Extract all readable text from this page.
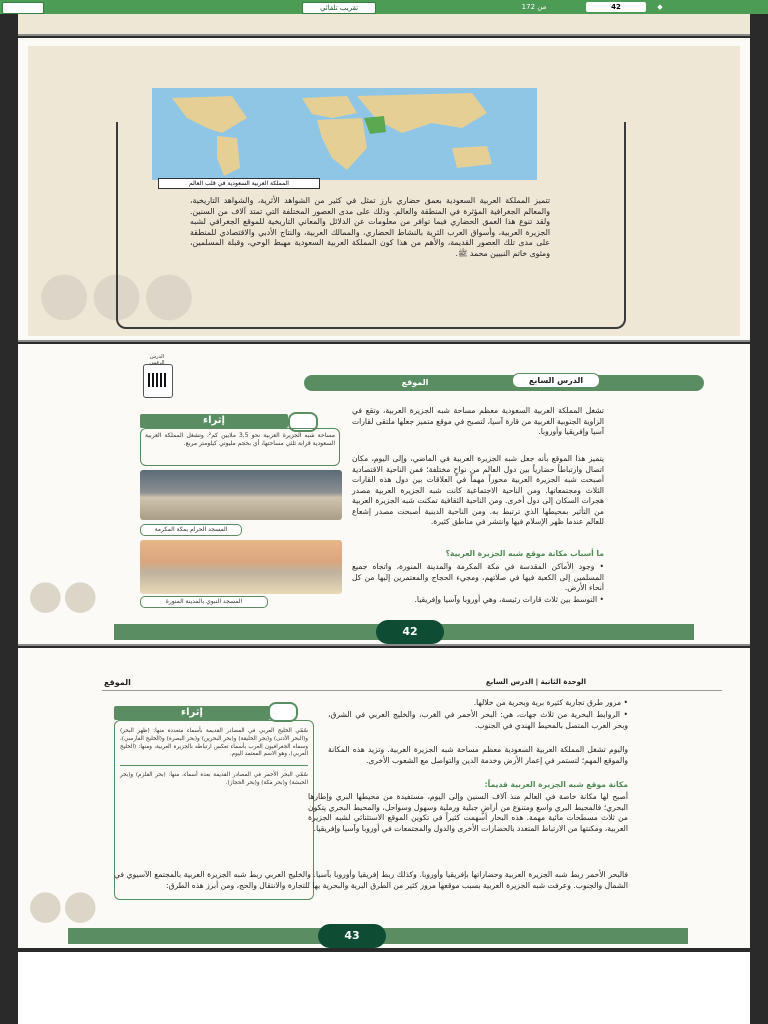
تقريب تلقائي	من 172	42	◆
●●●
المملكة العربية السعودية في قلب العالم
تتميز المملكة العربية السعودية بعمق حضاري بارز تمثل في كثير من الشواهد الأثرية، والشواهد التاريخية، والمعالم الجغرافية المؤثرة في المنطقة والعالم. وذلك على مدى العصور المختلفة التي تمتد آلاف من السنين. ولقد تنوع هذا العمق الحضاري فيما توافر من معلومات عن الدلائل والمعاني التاريخية للموقع الجغرافي لشبه الجزيرة العربية، وأسواق العرب الثرية بالنشاط الحضاري، والممالك العربية، والنتاج الأدبي والاقتصادي للمنطقة على مدى تلك العصور القديمة، والأهم من هذا كون المملكة العربية السعودية مهبط الوحي، وقبلة المسلمين، ومثوى خاتم النبيين محمد ﷺ.
الدرس الرقمي
الموقع	الدرس السابع
إثراء
مساحة شبه الجزيرة العربية نحو 3,5 ملايين كم²، وتشغل المملكة العربية السعودية قرابة ثلثي مساحتها، أي بحجم مليوني كيلومتر مربع.
المسجد الحرام بمكة المكرمة
المسجد النبوي بالمدينة المنورة
تشغل المملكة العربية السعودية معظم مساحة شبه الجزيرة العربية، وتقع في الزاوية الجنوبية الغربية من قارة آسيا، لتصبح في موقع متميز جعلها ملتقى لقارات آسيا وإفريقيا وأوروبا.
يتميز هذا الموقع بأنه جعل شبه الجزيرة العربية في الماضي، وإلى اليوم، مكان اتصال وارتباطاً حضارياً بين دول العالم من نواحٍ مختلفة؛ فمن الناحية الاقتصادية أصبحت شبه الجزيرة العربية محوراً مهماً في العلاقات بين دول هذه القارات الثلاث ومجتمعاتها. ومن الناحية الاجتماعية كانت شبه الجزيرة العربية مصدر هجرات السكان إلى دول أخرى. ومن الناحية الثقافية تمكنت شبه الجزيرة العربية من التأثير بمحيطها الذي ترتبط به. ومن الناحية الدينية أصبحت مصدر إشعاع للعالم عندما ظهر الإسلام فيها وانتشر في مناطق كثيرة.
ما أسباب مكانة موقع شبه الجزيرة العربية؟
• وجود الأماكن المقدسة في مكة المكرمة والمدينة المنورة، واتجاه جميع المسلمين إلى الكعبة فيها في صلاتهم، ومجيء الحجاج والمعتمرين إليها من كل أنحاء الأرض.
• التوسط بين ثلاث قارات رئيسة، وهي أوروبا وآسيا وإفريقيا.
●●
42
الموقع	الوحدة الثانية | الدرس السابع
إثراء
سُمّي الخليج العربي في المصادر القديمة بأسماء متعددة منها: (ظهر البحر) و(البحر الأدنى) و(بحر الخليقة) و(بحر البحرين) و(بحر البصرة) و(الخليج الفارسي)، وسماه الجغرافيون العرب بأسماء تعكس ارتباطه بالجزيرة العربية، ومنها: (الخليج العربي)، وهو الاسم المعتمد اليوم.
سُمّي البحر الأحمر في المصادر القديمة بعدة أسماء، منها: (بحر القلزم) و(بحر الحبشة) و(بحر مكة) و(بحر الحجاز).
• مرور طرق تجارية كثيرة برية وبحرية من خلالها.
• الروابط البحرية من ثلاث جهات، هي: البحر الأحمر في الغرب، والخليج العربي في الشرق، وبحر العرب المتصل بالمحيط الهندي في الجنوب.
واليوم تشغل المملكة العربية السعودية معظم مساحة شبه الجزيرة العربية. وتزيد هذه المكانة والموقع المهم؛ لتستمر في إعمار الأرض وخدمة الدين والتواصل مع الشعوب الأخرى.
مكانة موقع شبه الجزيرة العربية قديماً:
أصبح لها مكانة خاصة في العالم منذ آلاف السنين وإلى اليوم، مستفيدة من محيطها البري وإطارها البحري؛ فالمحيط البري واسع ومتنوع من أراضٍ جبلية ورملية وسهول وسواحل، والمحيط البحري يتكون من ثلاث مسطحات مائية مهمة. هذه البحار أسهمت كثيراً في تكوين الموقع الاستثنائي لشبه الجزيرة العربية، ومكنتها من الارتباط المتعدد بالحضارات الأخرى والدول والمجتمعات في أوروبا وآسيا وإفريقيا.
فالبحر الأحمر ربط شبه الجزيرة العربية وحضاراتها بإفريقيا وأوروبا. وكذلك ربط إفريقيا وأوروبا بآسيا. والخليج العربي ربط شبه الجزيرة العربية بالمجتمع الآسيوي في الشمال والجنوب. وعرفت شبه الجزيرة العربية بسبب موقعها مرور كثير من الطرق البرية والبحرية بها للتجارة والانتقال والحج، ومن أبرز هذه الطرق:
●●
43
